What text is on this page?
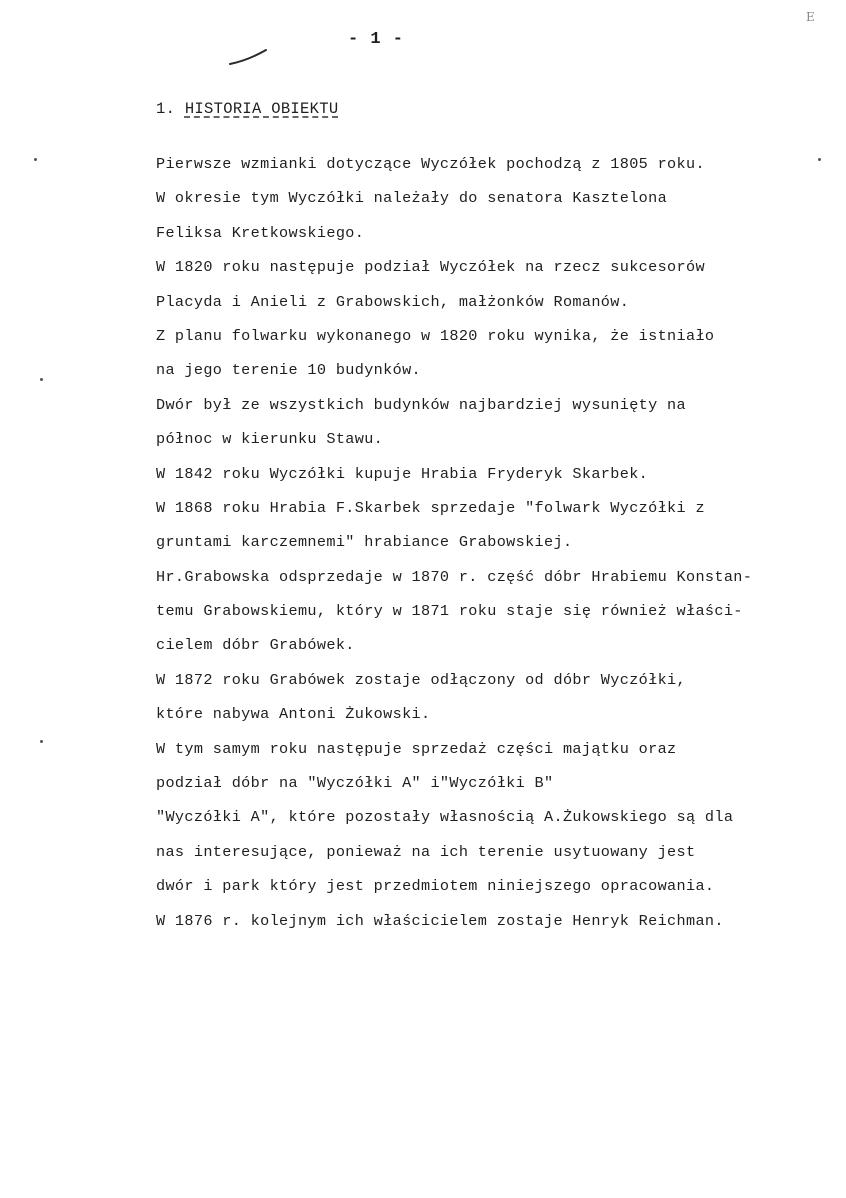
E
- 1 -
1. HISTORIA OBIEKTU
Pierwsze wzmianki dotyczące Wyczółek pochodzą z 1805 roku.
W okresie tym Wyczółki należały do senatora Kasztelona
Feliksa Kretkowskiego.
W 1820 roku następuje podział Wyczółek na rzecz sukcesorów
Placyda i Anieli z Grabowskich, małżonków Romanów.
Z planu folwarku wykonanego w 1820 roku wynika, że istniało
na jego terenie 10 budynków.
Dwór był ze wszystkich budynków najbardziej wysunięty na
północ w kierunku Stawu.
W 1842 roku Wyczółki kupuje Hrabia Fryderyk Skarbek.
W 1868 roku Hrabia F.Skarbek sprzedaje "folwark Wyczółki z
gruntami karczemnemi" hrabiance Grabowskiej.
Hr.Grabowska odsprzedaje w 1870 r. część dóbr Hrabiemu Konstan-
temu Grabowskiemu, który w 1871 roku staje się również właści-
cielem dóbr Grabówek.
W 1872 roku Grabówek zostaje odłączony od dóbr Wyczółki,
które nabywa Antoni Żukowski.
W tym samym roku następuje sprzedaż części majątku oraz
podział dóbr na "Wyczółki A" i"Wyczółki B"
"Wyczółki A", które pozostały własnością A.Żukowskiego są dla
nas interesujące, ponieważ na ich terenie usytuowany jest
dwór i park który jest przedmiotem niniejszego opracowania.
W 1876 r. kolejnym ich właścicielem zostaje Henryk Reichman.
